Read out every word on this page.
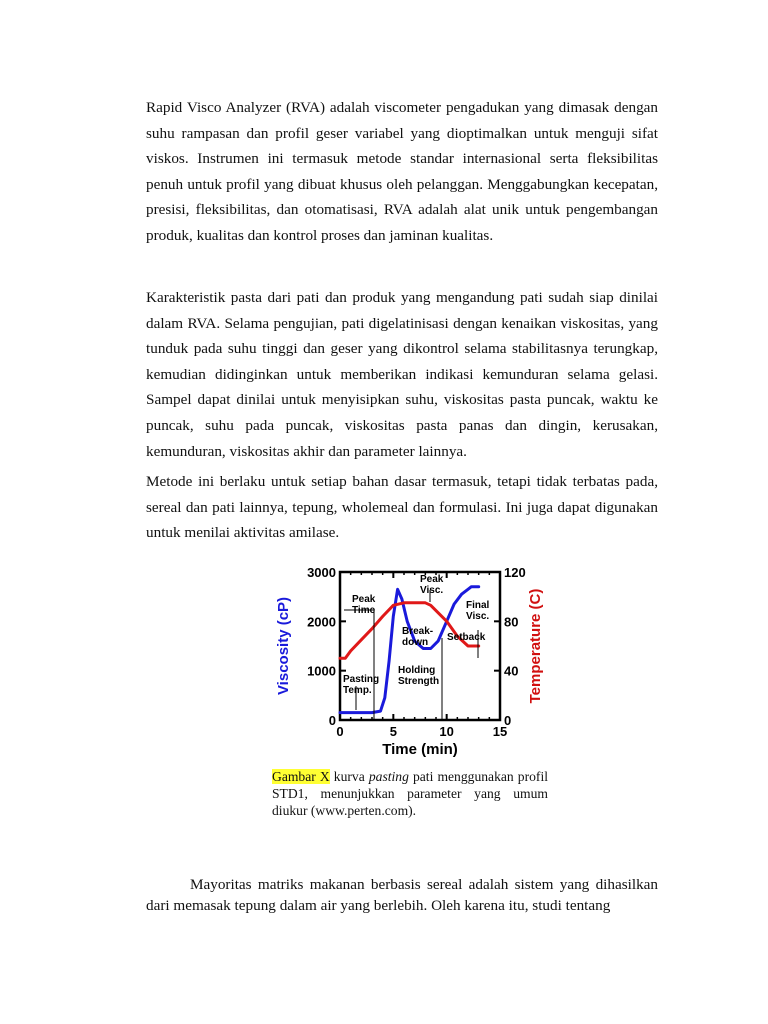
Rapid Visco Analyzer (RVA) adalah viscometer pengadukan yang dimasak dengan suhu rampasan dan profil geser variabel yang dioptimalkan untuk menguji sifat viskos. Instrumen ini termasuk metode standar internasional serta fleksibilitas penuh untuk profil yang dibuat khusus oleh pelanggan. Menggabungkan kecepatan, presisi, fleksibilitas, dan otomatisasi, RVA adalah alat unik untuk pengembangan produk, kualitas dan kontrol proses dan jaminan kualitas.

Karakteristik pasta dari pati dan produk yang mengandung pati sudah siap dinilai dalam RVA. Selama pengujian, pati digelatinisasi dengan kenaikan viskositas, yang tunduk pada suhu tinggi dan geser yang dikontrol selama stabilitasnya terungkap, kemudian didinginkan untuk memberikan indikasi kemunduran selama gelasi. Sampel dapat dinilai untuk menyisipkan suhu, viskositas pasta puncak, waktu ke puncak, suhu pada puncak, viskositas pasta panas dan dingin, kerusakan, kemunduran, viskositas akhir dan parameter lainnya.

Metode ini berlaku untuk setiap bahan dasar termasuk, tetapi tidak terbatas pada, sereal dan pati lainnya, tepung, wholemeal dan formulasi. Ini juga dapat digunakan untuk menilai aktivitas amilase.

0	5	10	15
0
1000
2000
3000
0
40
80
120
Peak Time
Peak Visc.
Final Visc.
Break-down	Setback
Holding Strength
Pasting Temp.
Time (min)
Viscosity (cP)	Temperature (C)

Gambar X kurva pasting pati menggunakan profil STD1, menunjukkan parameter yang umum diukur (www.perten.com).

Mayoritas matriks makanan berbasis sereal adalah sistem yang dihasilkan dari memasak tepung dalam air yang berlebih. Oleh karena itu, studi tentang
